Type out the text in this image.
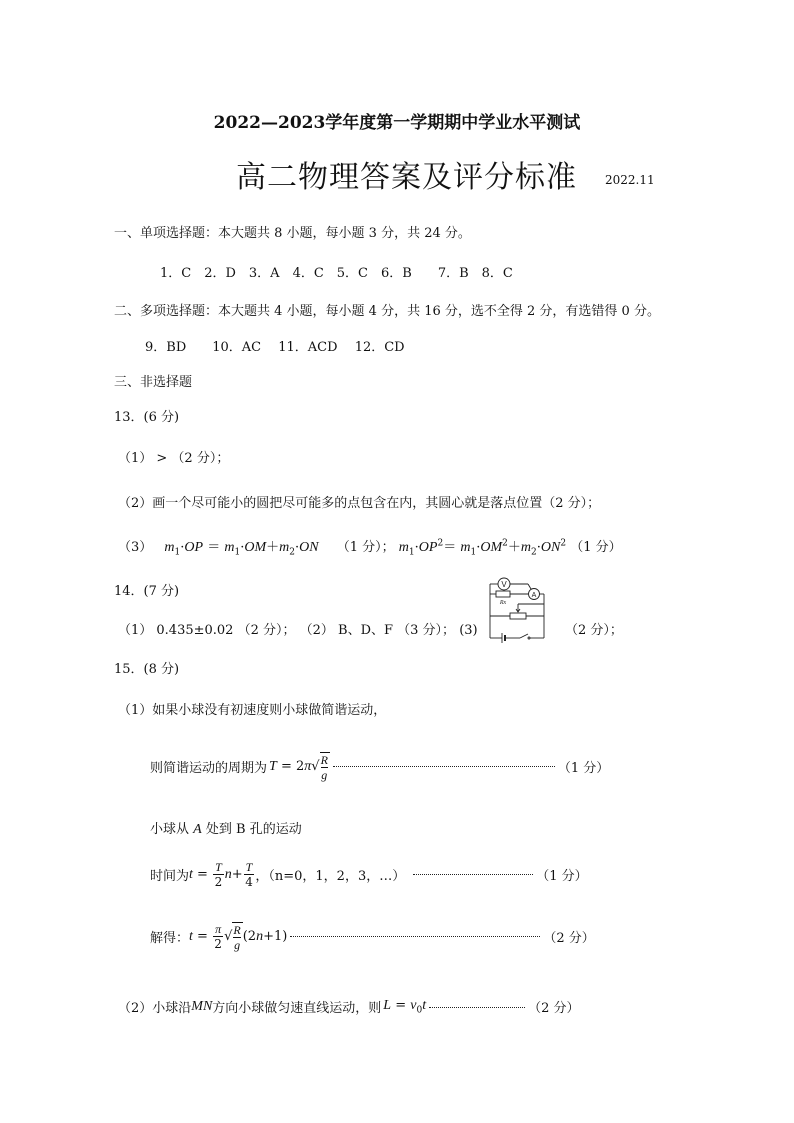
2022—2023学年度第一学期期中学业水平测试
高二物理答案及评分标准 2022.11
一、单项选择题：本大题共 8 小题，每小题 3 分，共 24 分。
1．C　2．D　3．A　4．C　5．C　6．B　　7．B　8．C
二、多项选择题：本大题共 4 小题，每小题 4 分，共 16 分，选不全得 2 分，有选错得 0 分。
9．BD　　10．AC　 11．ACD　 12．CD
三、非选择题
13．(6 分)
（1） > （2 分）；
（2）画一个尽可能小的圆把尽可能多的点包含在内，其圆心就是落点位置（2 分）；
（3） $m_1\cdot OP = m_1\cdot OM+m_2\cdot ON$ （1 分）； $m_1\cdot OP^2= m_1\cdot OM^2+m_2\cdot ON^2$ （1 分）
14．(7 分)
（1） 0.435±0.02 （2 分）； （2） B、D、F （3 分）； (3)
V
A
Rx
（2 分）；
15．(8 分)
（1）如果小球没有初速度则小球做简谐运动，
则简谐运动的周期为 $T = 2\pi√ \frac{R}{g}$	（1 分）
小球从 A 处到 B 孔的运动
时间为 $t = \frac{T}{2} n+ \frac{T}{4}$ ，（n=0，1，2，3，…）	（1 分）
解得： $t = \frac{\pi}{2}$ √ $\frac{R}{g} (2n+1)$	（2 分）
（2）小球沿 MN 方向小球做匀速直线运动，则 $L = v_0t$	（2 分）
